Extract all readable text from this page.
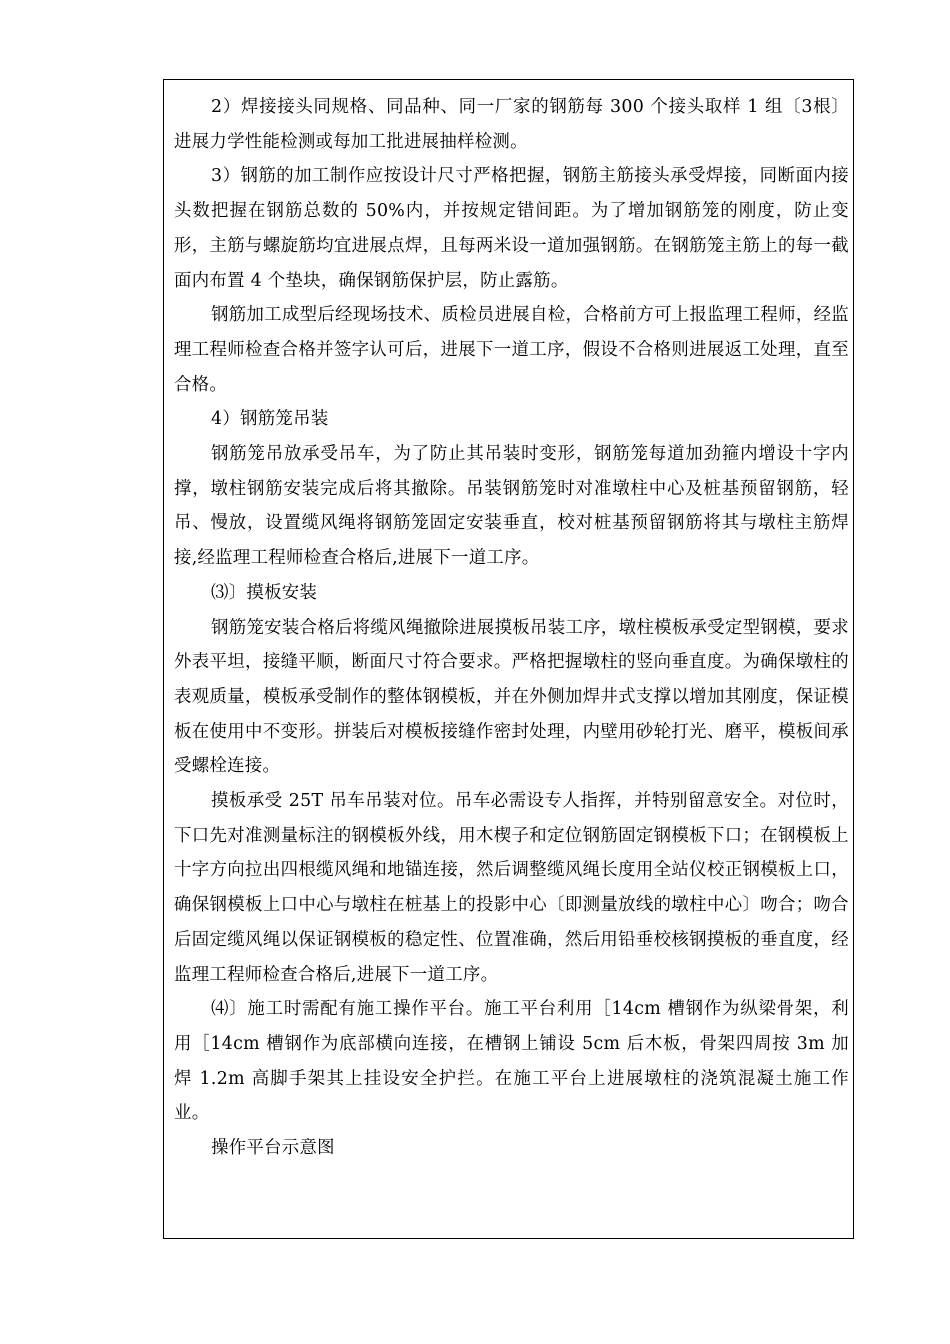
2）焊接接头同规格、同品种、同一厂家的钢筋每 300 个接头取样 1 组〔3根〕进展力学性能检测或每加工批进展抽样检测。

3）钢筋的加工制作应按设计尺寸严格把握，钢筋主筋接头承受焊接，同断面内接头数把握在钢筋总数的 50%内，并按规定错间距。为了增加钢筋笼的刚度，防止变形，主筋与螺旋筋均宜进展点焊，且每两米设一道加强钢筋。在钢筋笼主筋上的每一截面内布置 4 个垫块，确保钢筋保护层，防止露筋。

钢筋加工成型后经现场技术、质检员进展自检，合格前方可上报监理工程师，经监理工程师检查合格并签字认可后，进展下一道工序，假设不合格则进展返工处理，直至合格。

4）钢筋笼吊装

钢筋笼吊放承受吊车，为了防止其吊装时变形，钢筋笼每道加劲箍内增设十字内撑，墩柱钢筋安装完成后将其撤除。吊装钢筋笼时对准墩柱中心及桩基预留钢筋，轻吊、慢放，设置缆风绳将钢筋笼固定安装垂直，校对桩基预留钢筋将其与墩柱主筋焊接,经监理工程师检查合格后,进展下一道工序。

⑶〕摸板安装

钢筋笼安装合格后将缆风绳撤除进展摸板吊装工序，墩柱模板承受定型钢模，要求外表平坦，接缝平顺，断面尺寸符合要求。严格把握墩柱的竖向垂直度。为确保墩柱的表观质量，模板承受制作的整体钢模板，并在外侧加焊井式支撑以增加其刚度，保证模板在使用中不变形。拼装后对模板接缝作密封处理，内壁用砂轮打光、磨平，模板间承受螺栓连接。

摸板承受 25T 吊车吊装对位。吊车必需设专人指挥，并特别留意安全。对位时，下口先对准测量标注的钢模板外线，用木楔子和定位钢筋固定钢模板下口；在钢模板上十字方向拉出四根缆风绳和地锚连接，然后调整缆风绳长度用全站仪校正钢模板上口，确保钢模板上口中心与墩柱在桩基上的投影中心〔即测量放线的墩柱中心〕吻合；吻合后固定缆风绳以保证钢模板的稳定性、位置准确，然后用铅垂校核钢摸板的垂直度，经监理工程师检查合格后,进展下一道工序。

⑷〕施工时需配有施工操作平台。施工平台利用［14cm 槽钢作为纵梁骨架，利用［14cm 槽钢作为底部横向连接，在槽钢上铺设 5cm 后木板，骨架四周按 3m 加焊 1.2m 高脚手架其上挂设安全护拦。在施工平台上进展墩柱的浇筑混凝土施工作业。

操作平台示意图
